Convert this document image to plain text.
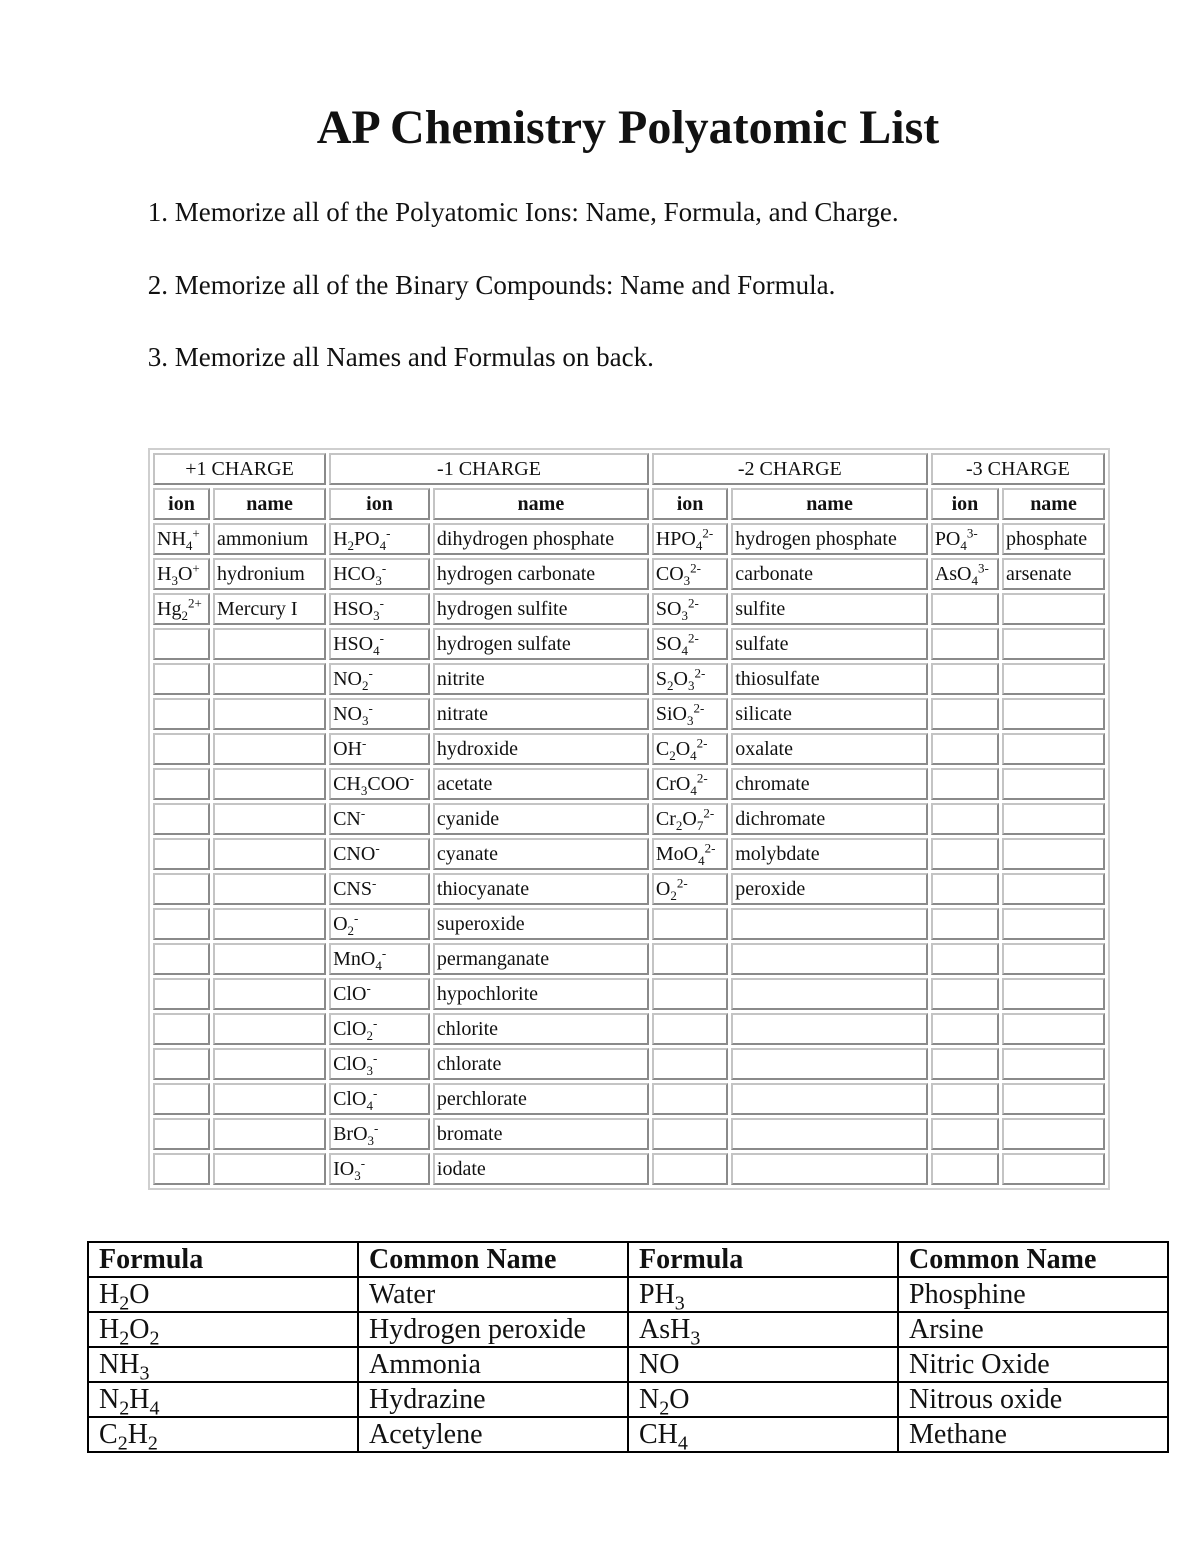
AP Chemistry Polyatomic List
1. Memorize all of the Polyatomic Ions: Name, Formula, and Charge.
2. Memorize all of the Binary Compounds: Name and Formula.
3. Memorize all Names and Formulas on back.
+1 CHARGE		-1 CHARGE		-2 CHARGE		-3 CHARGE	
ion	name	ion	name	ion	name	ion	name
$NH_4^+$	ammonium	$H_2PO_4^-$	dihydrogen phosphate	$HPO_4^{2-}$	hydrogen phosphate	$PO_4^{3-}$	phosphate
$H_3O^+$	hydronium	$HCO_3^-$	hydrogen carbonate	$CO_3^{2-}$	carbonate	AsO$_4^{3-}$	arsenate
$Hg_2^{2+}$	Mercury I	$HSO_3^-$	hydrogen sulfite	$SO_3^{2-}$	sulfite		
		$HSO_4^-$	hydrogen sulfate	$SO_4^{2-}$	sulfate		
		$NO_2^-$	nitrite	$S_2O_3^{2-}$	thiosulfate		
		$NO_3^-$	nitrate	SiO$_3^{2-}$	silicate		
		OH-	hydroxide	$C_2O_4^{2-}$	oxalate		
		$CH_3COO^-$	acetate	CrO$_4^{2-}$	chromate		
		CN-	cyanide	$Cr_2O_7^{2-}$	dichromate		
		CNO-	cyanate	MoO$_4^{2-}$	molybdate		
		CNS-	thiocyanate	$O_2^{2-}$	peroxide		
		$O_2^-$	superoxide				
		MnO$_4$-	permanganate				
		ClO-	hypochlorite				
		ClO$_2$-	chlorite				
		ClO$_3$-	chlorate				
		ClO$_4$-	perchlorate				
		BrO$_3$-	bromate				
		$IO_3^-$	iodate				
Formula	Common Name	Formula	Common Name
$H_2O$	Water	$PH_3$	Phosphine
$H_2O_2$	Hydrogen peroxide	AsH$_3$	Arsine
$NH_3$	Ammonia	NO	Nitric Oxide
$N_2H_4$	Hydrazine	$N_2O$	Nitrous oxide
$C_2H_2$	Acetylene	$CH_4$	Methane
